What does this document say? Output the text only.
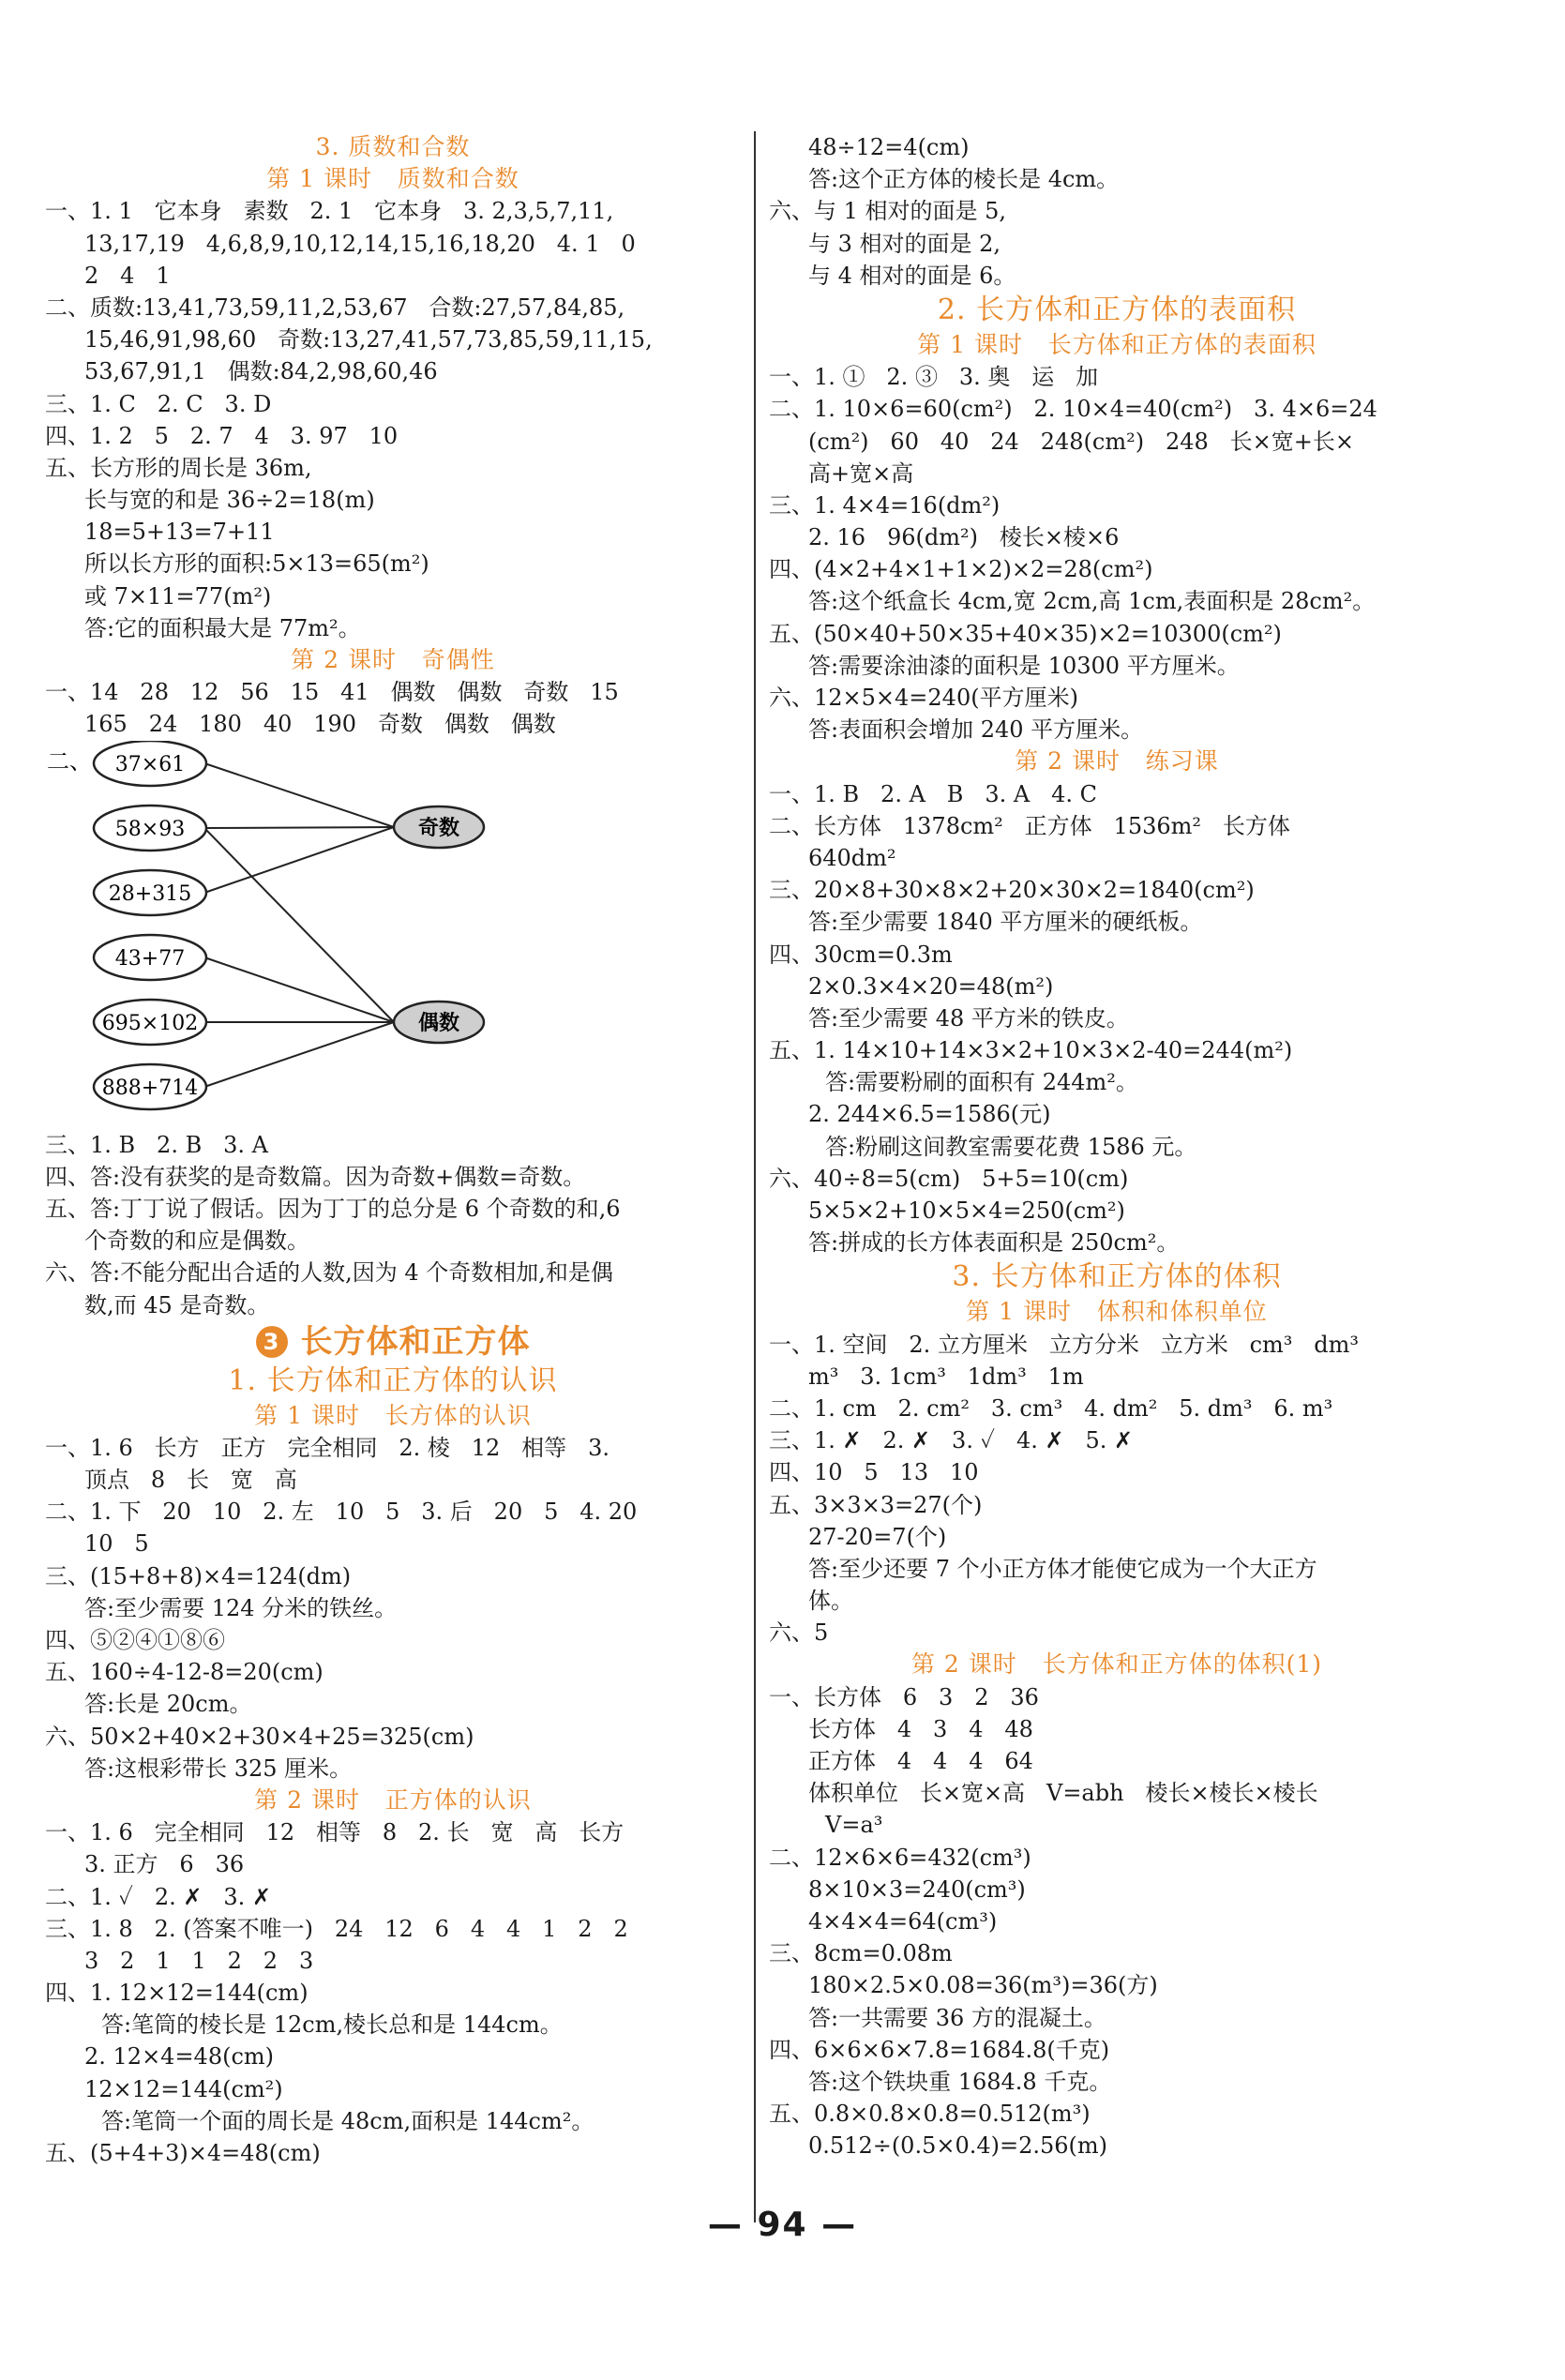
3. 质数和合数
第 1 课时   质数和合数
一、1. 1   它本身   素数   2. 1   它本身   3. 2,3,5,7,11,
13,17,19   4,6,8,9,10,12,14,15,16,18,20   4. 1   0
2   4   1
二、质数:13,41,73,59,11,2,53,67   合数:27,57,84,85,
15,46,91,98,60   奇数:13,27,41,57,73,85,59,11,15,
53,67,91,1   偶数:84,2,98,60,46
三、1. C   2. C   3. D
四、1. 2   5   2. 7   4   3. 97   10
五、长方形的周长是 36m,
长与宽的和是 36÷2=18(m)
18=5+13=7+11
所以长方形的面积:5×13=65(m²)
或 7×11=77(m²)
答:它的面积最大是 77m²。
第 2 课时   奇偶性
一、14   28   12   56   15   41   偶数   偶数   奇数   15
165   24   180   40   190   奇数   偶数   偶数
二、 37×61
58×93
28+315
43+77
695×102
888+714
奇数
偶数
三、1. B   2. B   3. A
四、答:没有获奖的是奇数篇。因为奇数+偶数=奇数。
五、答:丁丁说了假话。因为丁丁的总分是 6 个奇数的和,6
个奇数的和应是偶数。
六、答:不能分配出合适的人数,因为 4 个奇数相加,和是偶
数,而 45 是奇数。
3 长方体和正方体
1. 长方体和正方体的认识
第 1 课时   长方体的认识
一、1. 6   长方   正方   完全相同   2. 棱   12   相等   3.
顶点   8   长   宽   高
二、1. 下   20   10   2. 左   10   5   3. 后   20   5   4. 20
10   5
三、(15+8+8)×4=124(dm)
答:至少需要 124 分米的铁丝。
四、⑤②④①⑧⑥
五、160÷4-12-8=20(cm)
答:长是 20cm。
六、50×2+40×2+30×4+25=325(cm)
答:这根彩带长 325 厘米。
第 2 课时   正方体的认识
一、1. 6   完全相同   12   相等   8   2. 长   宽   高   长方
3. 正方   6   36
二、1. ✓   2. ✗   3. ✗
三、1. 8   2. (答案不唯一)   24   12   6   4   4   1   2   2
3   2   1   1   2   2   3
四、1. 12×12=144(cm)
答:笔筒的棱长是 12cm,棱长总和是 144cm。
2. 12×4=48(cm)
12×12=144(cm²)
答:笔筒一个面的周长是 48cm,面积是 144cm²。
五、(5+4+3)×4=48(cm)
48÷12=4(cm)
答:这个正方体的棱长是 4cm。
六、与 1 相对的面是 5,
与 3 相对的面是 2,
与 4 相对的面是 6。
2. 长方体和正方体的表面积
第 1 课时   长方体和正方体的表面积
一、1. ①   2. ③   3. 奥   运   加
二、1. 10×6=60(cm²)   2. 10×4=40(cm²)   3. 4×6=24
(cm²)   60   40   24   248(cm²)   248   长×宽+长×
高+宽×高
三、1. 4×4=16(dm²)
2. 16   96(dm²)   棱长×棱×6
四、(4×2+4×1+1×2)×2=28(cm²)
答:这个纸盒长 4cm,宽 2cm,高 1cm,表面积是 28cm²。
五、(50×40+50×35+40×35)×2=10300(cm²)
答:需要涂油漆的面积是 10300 平方厘米。
六、12×5×4=240(平方厘米)
答:表面积会增加 240 平方厘米。
第 2 课时   练习课
一、1. B   2. A   B   3. A   4. C
二、长方体   1378cm²   正方体   1536m²   长方体
640dm²
三、20×8+30×8×2+20×30×2=1840(cm²)
答:至少需要 1840 平方厘米的硬纸板。
四、30cm=0.3m
2×0.3×4×20=48(m²)
答:至少需要 48 平方米的铁皮。
五、1. 14×10+14×3×2+10×3×2-40=244(m²)
答:需要粉刷的面积有 244m²。
2. 244×6.5=1586(元)
答:粉刷这间教室需要花费 1586 元。
六、40÷8=5(cm)   5+5=10(cm)
5×5×2+10×5×4=250(cm²)
答:拼成的长方体表面积是 250cm²。
3. 长方体和正方体的体积
第 1 课时   体积和体积单位
一、1. 空间   2. 立方厘米   立方分米   立方米   cm³   dm³
m³   3. 1cm³   1dm³   1m
二、1. cm   2. cm²   3. cm³   4. dm²   5. dm³   6. m³
三、1. ✗   2. ✗   3. ✓   4. ✗   5. ✗
四、10   5   13   10
五、3×3×3=27(个)
27-20=7(个)
答:至少还要 7 个小正方体才能使它成为一个大正方
体。
六、5
第 2 课时   长方体和正方体的体积(1)
一、长方体   6   3   2   36
长方体   4   3   4   48
正方体   4   4   4   64
体积单位   长×宽×高   V=abh   棱长×棱长×棱长
V=a³
二、12×6×6=432(cm³)
8×10×3=240(cm³)
4×4×4=64(cm³)
三、8cm=0.08m
180×2.5×0.08=36(m³)=36(方)
答:一共需要 36 方的混凝土。
四、6×6×6×7.8=1684.8(千克)
答:这个铁块重 1684.8 千克。
五、0.8×0.8×0.8=0.512(m³)
0.512÷(0.5×0.4)=2.56(m)
— 94 —
